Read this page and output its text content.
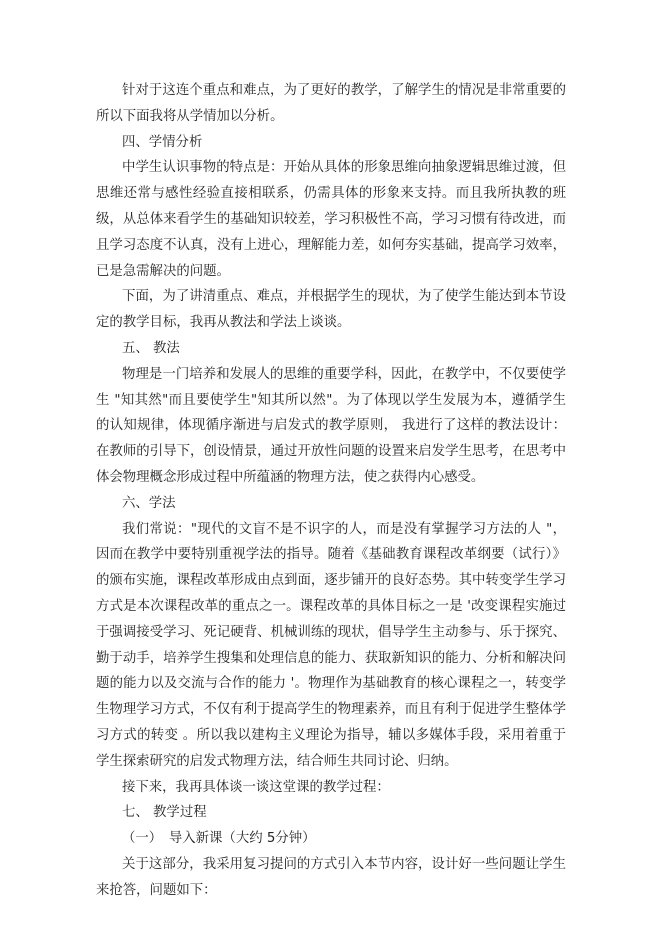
针对于这连个重点和难点，为了更好的教学，了解学生的情况是非常重要的所以下面我将从学情加以分析。

四、学情分析

中学生认识事物的特点是：开始从具体的形象思维向抽象逻辑思维过渡，但思维还常与感性经验直接相联系，仍需具体的形象来支持。而且我所执教的班级，从总体来看学生的基础知识较差，学习积极性不高，学习习惯有待改进，而且学习态度不认真，没有上进心，理解能力差，如何夯实基础，提高学习效率，已是急需解决的问题。

下面，为了讲清重点、难点，并根据学生的现状，为了使学生能达到本节设定的教学目标，我再从教法和学法上谈谈。

五、 教法

物理是一门培养和发展人的思维的重要学科，因此，在教学中，不仅要使学生 "知其然"而且要使学生"知其所以然"。为了体现以学生发展为本，遵循学生的认知规律，体现循序渐进与启发式的教学原则， 我进行了这样的教法设计：在教师的引导下，创设情景，通过开放性问题的设置来启发学生思考，在思考中体会物理概念形成过程中所蕴涵的物理方法，使之获得内心感受。

六、学法

我们常说："现代的文盲不是不识字的人，而是没有掌握学习方法的人 "，因而在教学中要特别重视学法的指导。随着《基础教育课程改革纲要（试行）》的颁布实施，课程改革形成由点到面，逐步铺开的良好态势。其中转变学生学习方式是本次课程改革的重点之一。课程改革的具体目标之一是 '改变课程实施过于强调接受学习、死记硬背、机械训练的现状，倡导学生主动参与、乐于探究、勤于动手，培养学生搜集和处理信息的能力、获取新知识的能力、分析和解决问题的能力以及交流与合作的能力 '。物理作为基础教育的核心课程之一，转变学生物理学习方式，不仅有利于提高学生的物理素养，而且有利于促进学生整体学习方式的转变 。所以我以建构主义理论为指导，辅以多媒体手段，采用着重于学生探索研究的启发式物理方法，结合师生共同讨论、归纳。

接下来，我再具体谈一谈这堂课的教学过程：

七、 教学过程

（一）　导入新课（大约 5分钟）

关于这部分，我采用复习提问的方式引入本节内容，设计好一些问题让学生来抢答，问题如下：
